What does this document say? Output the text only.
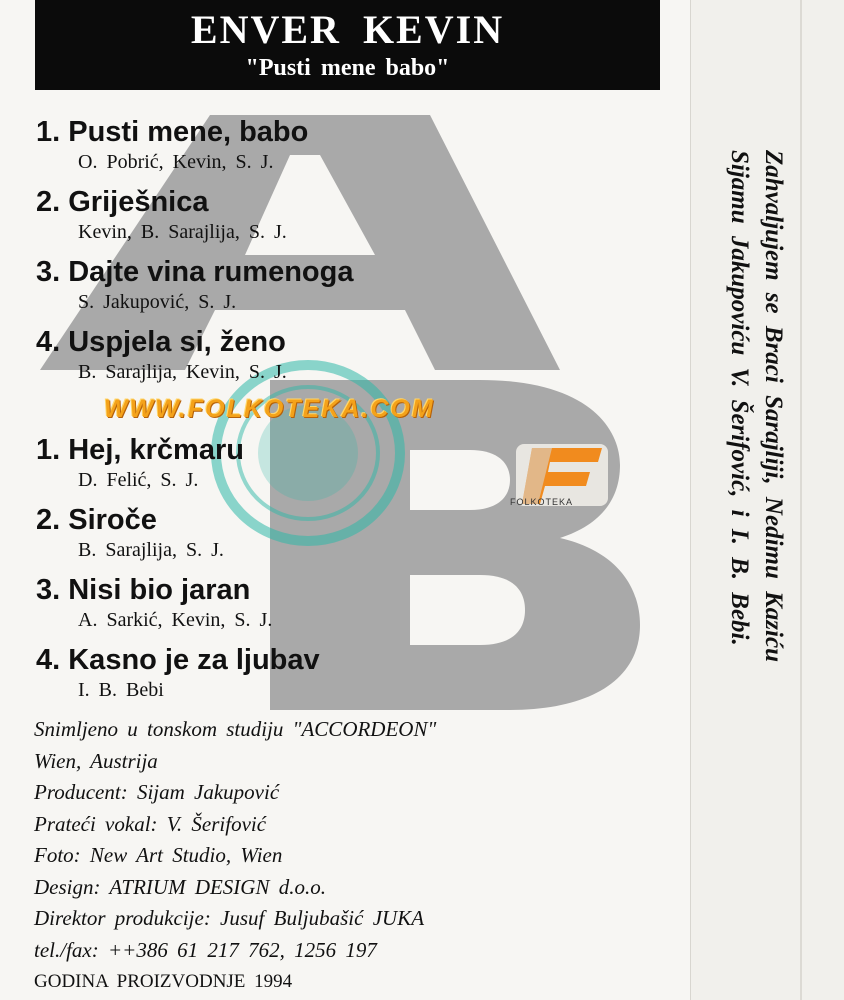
ENVER KEVIN
"Pusti mene babo"
1. Pusti mene, babo
O. Pobrić, Kevin, S. J.
2. Griješnica
Kevin, B. Sarajlija, S. J.
3. Dajte vina rumenoga
S. Jakupović, S. J.
4. Uspjela si, ženo
B. Sarajlija, Kevin, S. J.
1. Hej, krčmaru
D. Felić, S. J.
2. Siroče
B. Sarajlija, S. J.
3. Nisi bio jaran
A. Sarkić, Kevin, S. J.
4. Kasno je za ljubav
I. B. Bebi
WWW.FOLKOTEKA.COM
FOLKOTEKA
Snimljeno u tonskom studiju "ACCORDEON"
Wien, Austrija
Producent: Sijam Jakupović
Prateći vokal: V. Šerifović
Foto: New Art Studio, Wien
Design: ATRIUM DESIGN d.o.o.
Direktor produkcije: Jusuf Buljubašić JUKA
tel./fax: ++386 61 217 762, 1256 197
GODINA PROIZVODNJE 1994
Zahvaljujem se Braci Sarajliji, Nedimu Kaziću
Sijamu Jakupoviću V. Šerifović, i I. B. Bebi.
